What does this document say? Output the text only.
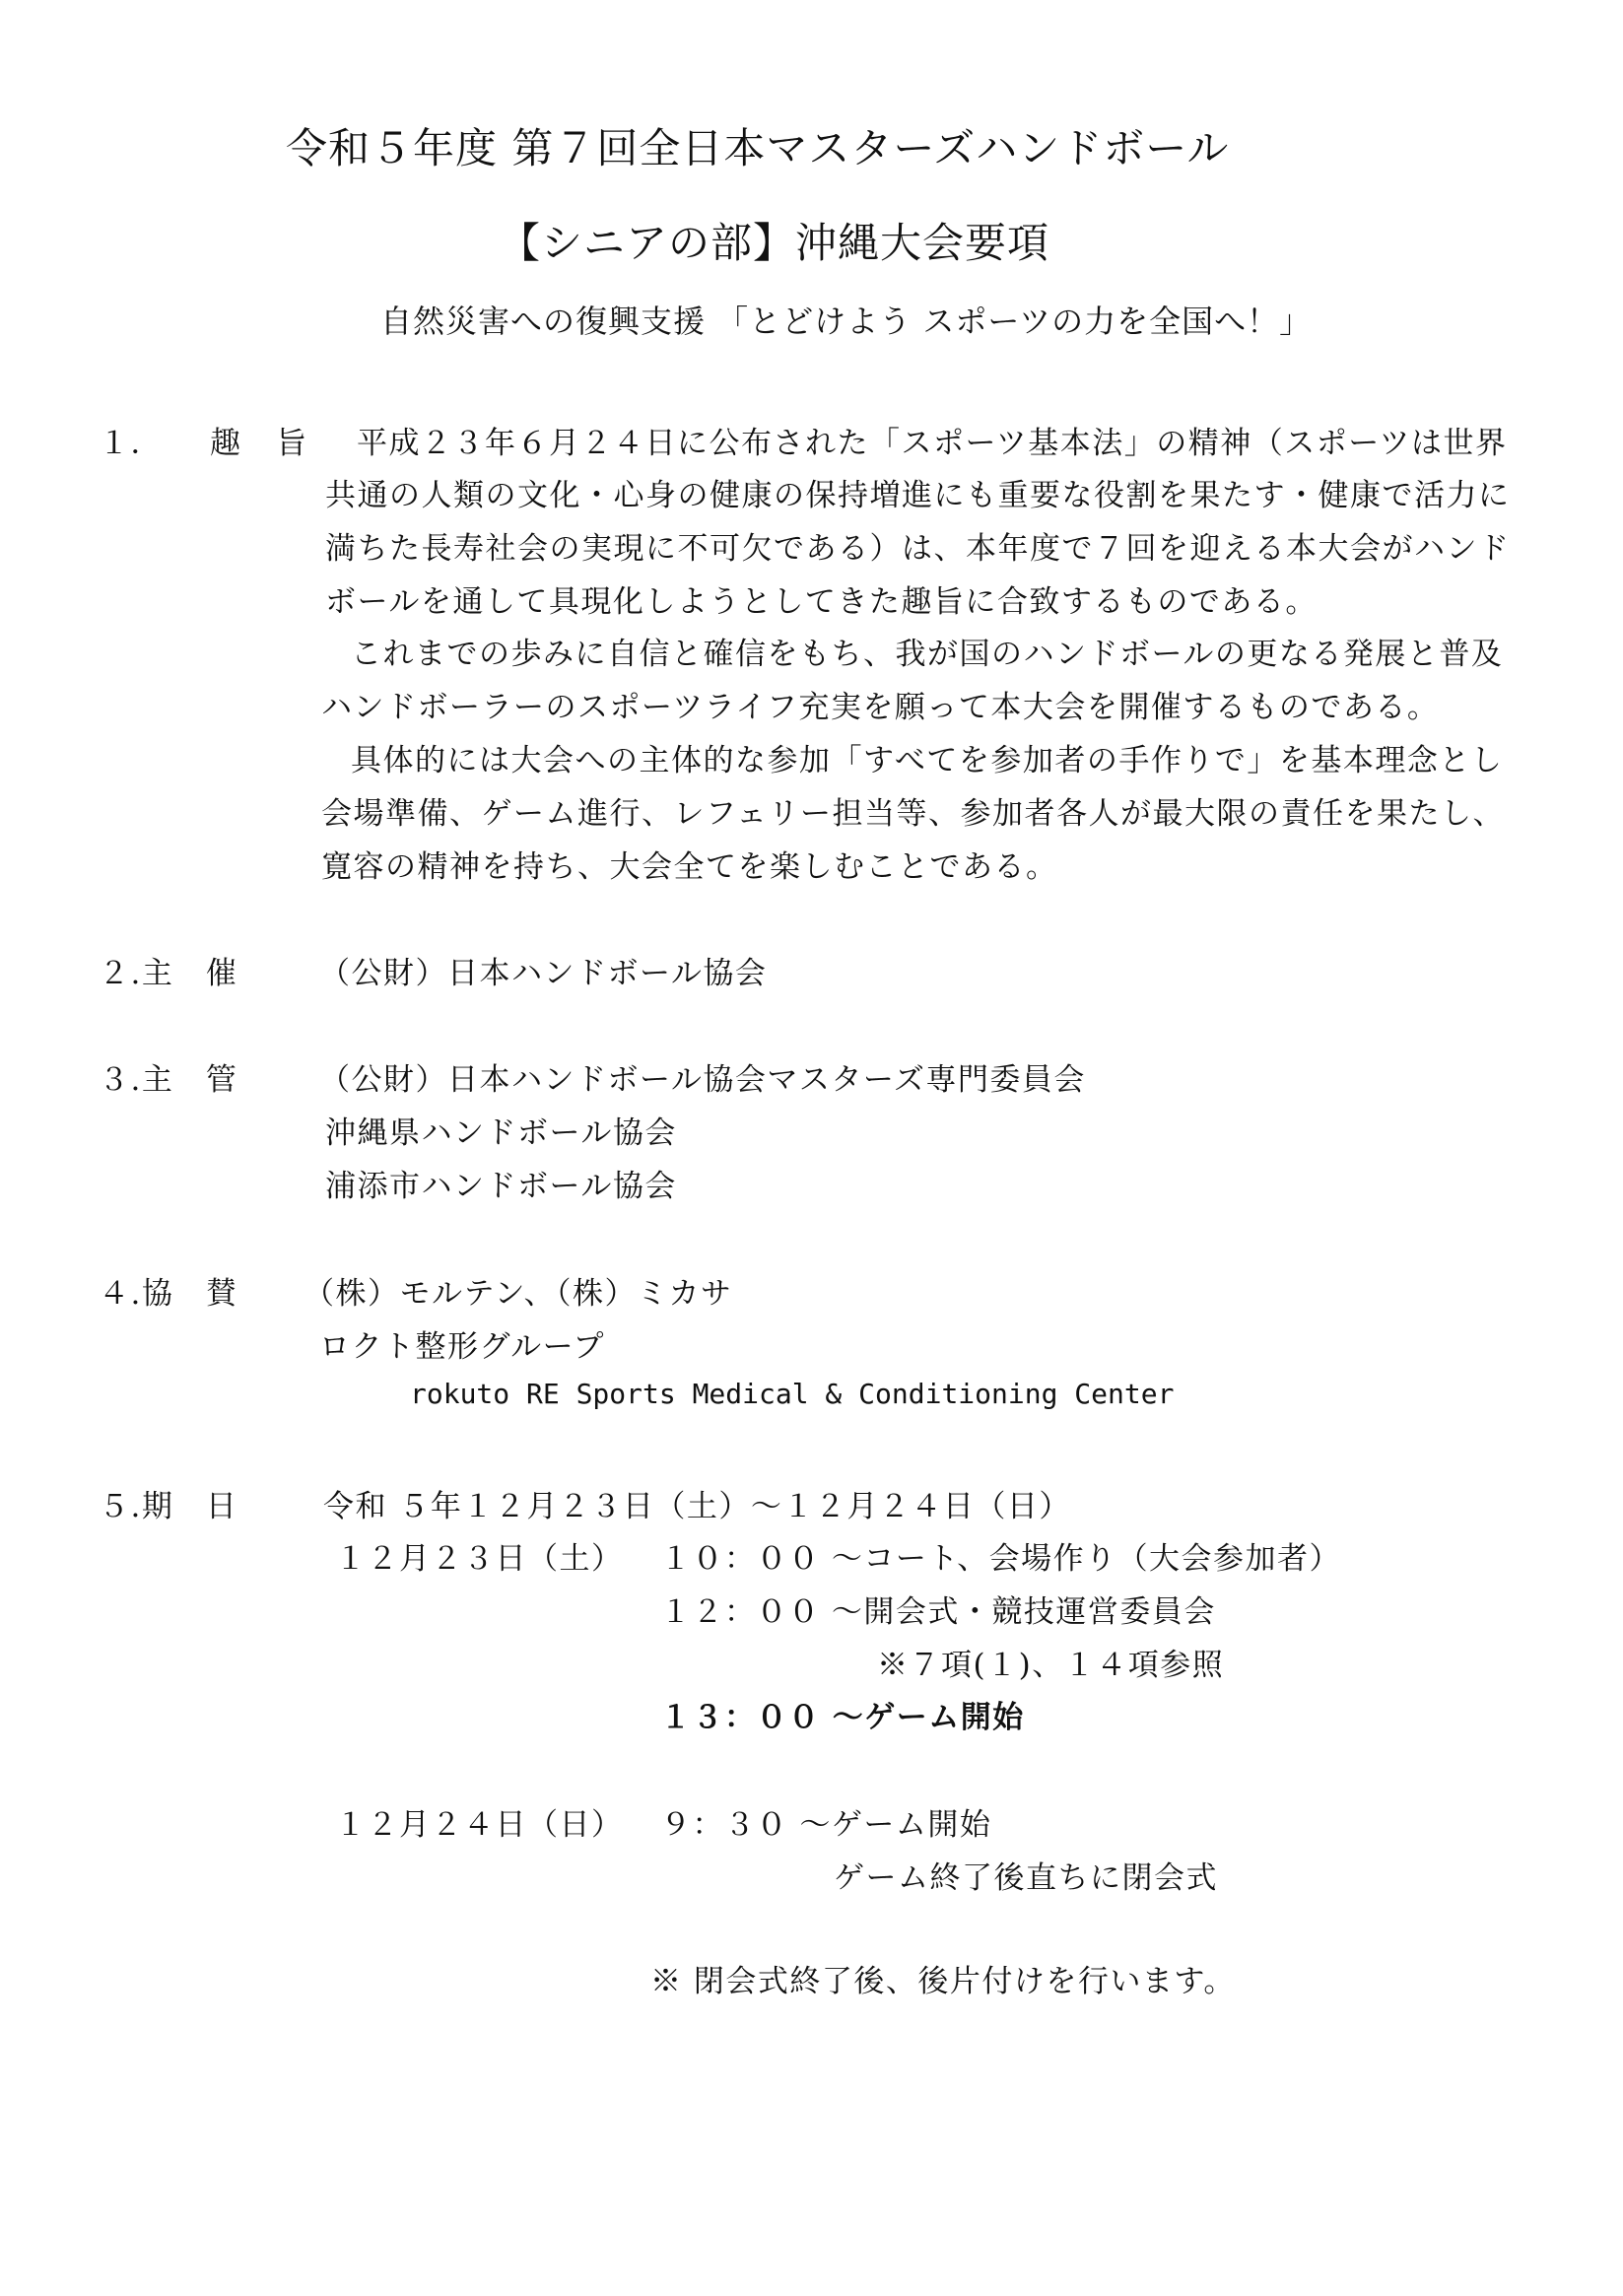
令和５年度 第７回全日本マスターズハンドボール
【シニアの部】沖縄大会要項
自然災害への復興支援 「とどけよう スポーツの力を全国へ！」
１． 趣 旨 平成２３年６月２４日に公布された「スポーツ基本法」の精神（スポーツは世界
共通の人類の文化・心身の健康の保持増進にも重要な役割を果たす・健康で活力に
満ちた長寿社会の実現に不可欠である）は、本年度で７回を迎える本大会がハンド
ボールを通して具現化しようとしてきた趣旨に合致するものである。
これまでの歩みに自信と確信をもち、我が国のハンドボールの更なる発展と普及
ハンドボーラーのスポーツライフ充実を願って本大会を開催するものである。
具体的には大会への主体的な参加「すべてを参加者の手作りで」を基本理念とし
会場準備、ゲーム進行、レフェリー担当等、参加者各人が最大限の責任を果たし、
寛容の精神を持ち、大会全てを楽しむことである。
２.主　催	（公財）日本ハンドボール協会
３.主　管	（公財）日本ハンドボール協会マスターズ専門委員会
沖縄県ハンドボール協会
浦添市ハンドボール協会
４.協　賛 （株）モルテン、（株）ミカサ
ロクト整形グループ
rokuto RE Sports Medical & Conditioning Center
５.期　日	令和 ５年１２月２３日（土）～１２月２４日（日）
１２月２３日（土） １０：００ ～コート、会場作り（大会参加者）
１２：００ ～開会式・競技運営委員会
※７項(１)、１４項参照
１３：００ ～ゲーム開始
１２月２４日（日） ９：３０ ～ゲーム開始
ゲーム終了後直ちに閉会式
※ 閉会式終了後、後片付けを行います。
